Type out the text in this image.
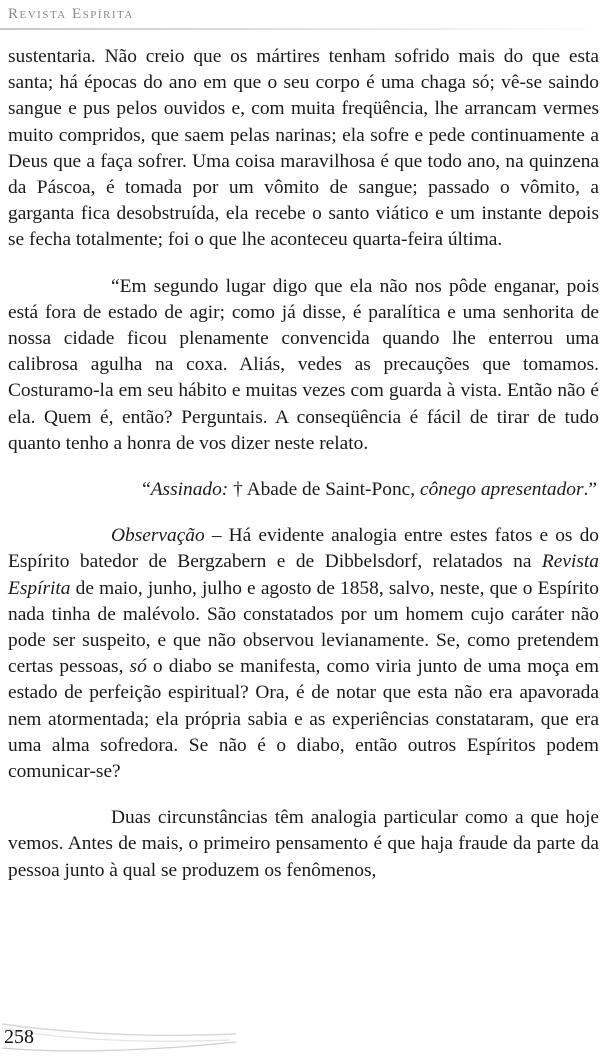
Revista Espírita

sustentaria. Não creio que os mártires tenham sofrido mais do que esta santa; há épocas do ano em que o seu corpo é uma chaga só; vê-se saindo sangue e pus pelos ouvidos e, com muita freqüência, lhe arrancam vermes muito compridos, que saem pelas narinas; ela sofre e pede continuamente a Deus que a faça sofrer. Uma coisa maravilhosa é que todo ano, na quinzena da Páscoa, é tomada por um vômito de sangue; passado o vômito, a garganta fica desobstruída, ela recebe o santo viático e um instante depois se fecha totalmente; foi o que lhe aconteceu quarta-feira última.

“Em segundo lugar digo que ela não nos pôde enganar, pois está fora de estado de agir; como já disse, é paralítica e uma senhorita de nossa cidade ficou plenamente convencida quando lhe enterrou uma calibrosa agulha na coxa. Aliás, vedes as precauções que tomamos. Costuramo-la em seu hábito e muitas vezes com guarda à vista. Então não é ela. Quem é, então? Perguntais. A conseqüência é fácil de tirar de tudo quanto tenho a honra de vos dizer neste relato.

“Assinado: † Abade de Saint-Ponc, cônego apresentador.”

Observação – Há evidente analogia entre estes fatos e os do Espírito batedor de Bergzabern e de Dibbelsdorf, relatados na Revista Espírita de maio, junho, julho e agosto de 1858, salvo, neste, que o Espírito nada tinha de malévolo. São constatados por um homem cujo caráter não pode ser suspeito, e que não observou levianamente. Se, como pretendem certas pessoas, só o diabo se manifesta, como viria junto de uma moça em estado de perfeição espiritual? Ora, é de notar que esta não era apavorada nem atormentada; ela própria sabia e as experiências constataram, que era uma alma sofredora. Se não é o diabo, então outros Espíritos podem comunicar-se?

Duas circunstâncias têm analogia particular como a que hoje vemos. Antes de mais, o primeiro pensamento é que haja fraude da parte da pessoa junto à qual se produzem os fenômenos,

258
